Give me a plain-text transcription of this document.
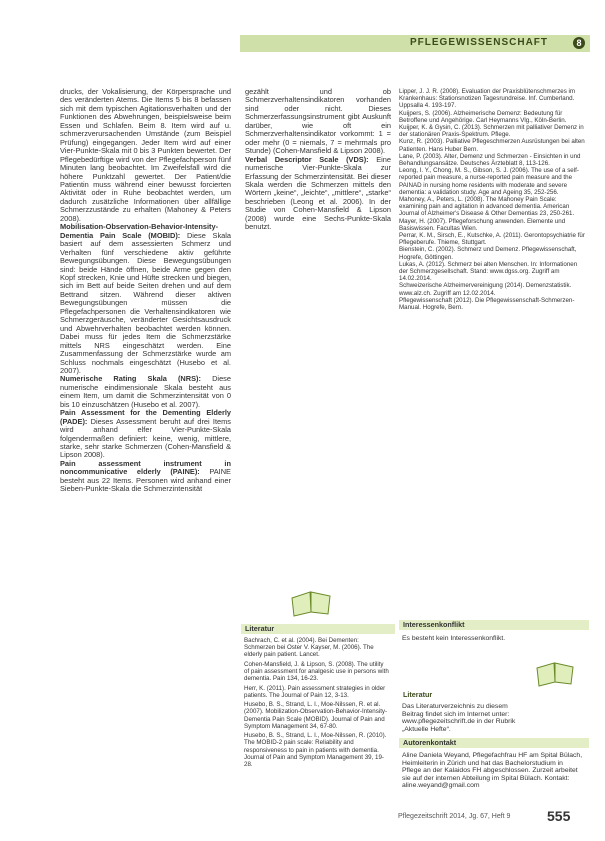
PFLEGEWISSENSCHAFT	8

drucks, der Vokalisierung, der Körpersprache und des veränderten Atems. Die Items 5 bis 8 befassen sich mit dem typischen Agitationsverhalten und der Funktionen des Abwehrungen, beispielsweise beim Essen und Schlafen. Beim 8. Item wird auf u. schmerzverursachenden Umstände (zum Beispiel Prüfung) eingegangen. Jeder Item wird auf einer Vier-Punkte-Skala mit 0 bis 3 Punkten bewertet. Der Pflegebedürftige wird von der Pflegefachperson fünf Minuten lang beobachtet. Im Zweifelsfall wird die höhere Punktzahl gewertet. Der Patient/die Patientin muss während einer bewusst forcierten Aktivität oder in Ruhe beobachtet werden, um dadurch zusätzliche Informationen über allfällige Schmerzzustände zu erhalten (Mahoney & Peters 2008).

Mobilisation-Observation-Behavior-Intensity-Dementia Pain Scale (MOBID): Diese Skala basiert auf dem assessierten Schmerz und Verhalten fünf verschiedene aktiv geführte Bewegungsübungen. Diese Bewegungsübungen sind: beide Hände öffnen, beide Arme gegen den Kopf strecken, Knie und Hüfte strecken und biegen, sich im Bett auf beide Seiten drehen und auf dem Bettrand sitzen. Während dieser aktiven Bewegungsübungen müssen die Pflegefachpersonen die Verhaltensindikatoren wie Schmerzgeräusche, veränderter Gesichtsausdruck und Abwehrverhalten beobachtet werden können. Dabei muss für jedes Item die Schmerzstärke mittels NRS eingeschätzt werden. Eine Zusammenfassung der Schmerzstärke wurde am Schluss nochmals eingeschätzt (Husebo et al. 2007).

Numerische Rating Skala (NRS): Diese numerische eindimensionale Skala besteht aus einem Item, um damit die Schmerzintensität von 0 bis 10 einzuschätzen (Husebo et al. 2007).

Pain Assessment for the Dementing Elderly (PADE): Dieses Assessment beruht auf drei Items wird anhand elfer Vier-Punkte-Skala folgendermaßen definiert: keine, wenig, mittlere, starke, sehr starke Schmerzen (Cohen-Mansfield & Lipson 2008).

Pain assessment instrument in noncommunicative elderly (PAINE): PAINE besteht aus 22 Items. Personen wird anhand einer Sieben-Punkte-Skala die Schmerzintensität

gezählt und ob Schmerzverhaltensindikatoren vorhanden sind oder nicht. Dieses Schmerzerfassungsinstrument gibt Auskunft darüber, wie oft ein Schmerzverhaltensindikator vorkommt: 1 = oder mehr (0 = niemals, 7 = mehrmals pro Stunde) (Cohen-Mansfield & Lipson 2008).

Verbal Descriptor Scale (VDS): Eine numerische Vier-Punkte-Skala zur Erfassung der Schmerzintensität. Bei dieser Skala werden die Schmerzen mittels den Wörtern „keine“, „leichte“, „mittlere“, „starke“ beschrieben (Leong et al. 2006). In der Studie von Cohen-Mansfield & Lipson (2008) wurde eine Sechs-Punkte-Skala benutzt.

Lipper, J. J. R. (2008). Evaluation der Praxisblütenschmerzes im Krankenhaus: Stationsnotizen Tagesrundreise. Inf. Cumberland. Uppsalla 4. 193-197.

Kuijpers, S. (2006). Alzheimerische Demenz: Bedeutung für Betroffene und Angehörige. Carl Heymanns Vlg., Köln-Berlin.

Kuijper, K. & Gysin, C. (2013). Schmerzen mit palliativer Demenz in der stationären Praxis-Spektrum. Pflege.

Kunz, R. (2003). Palliative Pflegeschmerzen Ausrüstungen bei alten Patienten. Hans Huber Bern.

Lane, P. (2003). Alter, Demenz und Schmerzen - Einsichten in und Behandlungsansätze. Deutsches Ärzteblatt 8, 113-126.

Leong, I. Y., Chong, M. S., Gibson, S. J. (2006). The use of a self-reported pain measure, a nurse-reported pain measure and the PAINAD in nursing home residents with moderate and severe dementia: a validation study. Age and Ageing 35, 252-256.

Mahoney, A., Peters, L. (2008). The Mahoney Pain Scale: examining pain and agitation in advanced dementia. American Journal of Alzheimer's Disease & Other Dementias 23, 250-261.

Mayer, H. (2007). Pflegeforschung anwenden. Elemente und Basiswissen. Facultas Wien.

Perrar, K. M., Sirsch, E., Kutschke, A. (2011). Gerontopsychiatrie für Pflegeberufe. Thieme, Stuttgart.

Bienstein, C. (2002). Schmerz und Demenz. Pflegewissenschaft, Hogrefe, Göttingen.

Lukas, A. (2012). Schmerz bei alten Menschen. In: Informationen der Schmerzgesellschaft. Stand: www.dgss.org. Zugriff am 14.02.2014.

Schweizerische Alzheimervereinigung (2014). Demenzstatistik. www.alz.ch. Zugriff am 12.02.2014.

Pflegewissenschaft (2012). Die Pflegewissenschaft-Schmerzen-Manual. Hogrefe, Bern.

Literatur

Bachrach, C. et al. (2004). Bei Dementen: Schmerzen bei Oster V. Kayser, M. (2006). The elderly pain patient. Lancet.

Cohen-Mansfield, J. & Lipson, S. (2008). The utility of pain assessment for analgesic use in persons with dementia. Pain 134, 16-23.

Herr, K. (2011). Pain assessment strategies in older patients. The Journal of Pain 12, 3-13.

Husebo, B. S., Strand, L. I., Moe-Nilssen, R. et al. (2007). Mobilization-Observation-Behavior-Intensity-Dementia Pain Scale (MOBID). Journal of Pain and Symptom Management 34, 67-80.

Husebo, B. S., Strand, L. I., Moe-Nilssen, R. (2010). The MOBID-2 pain scale: Reliability and responsiveness to pain in patients with dementia. Journal of Pain and Symptom Management 39, 19-28.

Interessenkonflikt
Es besteht kein Interessenkonflikt.
Literatur
Das Literaturverzeichnis zu diesem Beitrag findet sich im Internet unter: www.pflegezeitschrift.de in der Rubrik „Aktuelle Hefte“.
Autorenkontakt
Aline Daniela Weyand, Pflegefachfrau HF am Spital Bülach, Heimleiterin in Zürich und hat das Bachelorstudium in Pflege an der Kalaidos FH abgeschlossen. Zurzeit arbeitet sie auf der internen Abteilung im Spital Bülach. Kontakt: aline.weyand@gmail.com
Pflegezeitschrift 2014, Jg. 67, Heft 9	555
